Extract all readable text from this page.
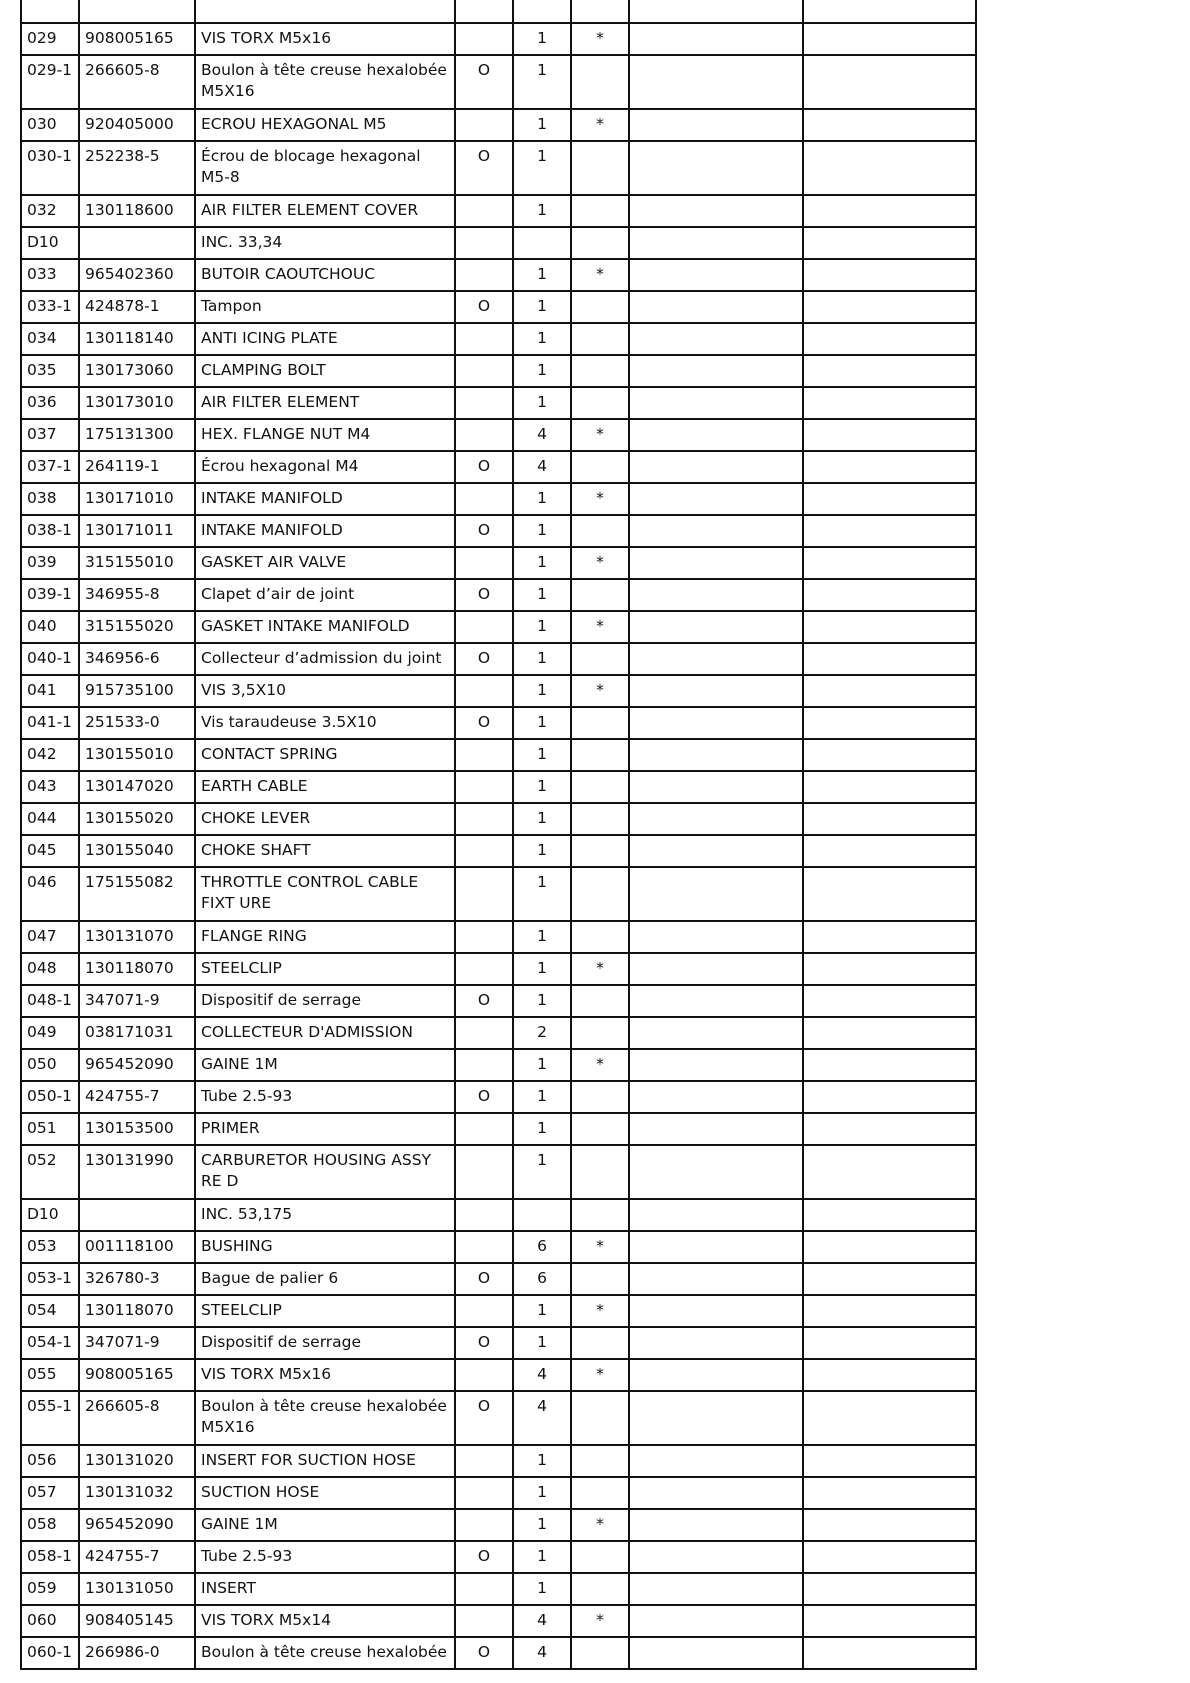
029	908005165	VIS TORX M5x16		1	*		
029-1	266605-8	Boulon à tête creuse hexalobée M5X16	O	1			
030	920405000	ECROU HEXAGONAL M5		1	*		
030-1	252238-5	Écrou de blocage hexagonal M5-8	O	1			
032	130118600	AIR FILTER ELEMENT COVER		1			
D10		INC. 33,34					
033	965402360	BUTOIR CAOUTCHOUC		1	*		
033-1	424878-1	Tampon	O	1			
034	130118140	ANTI ICING PLATE		1			
035	130173060	CLAMPING BOLT		1			
036	130173010	AIR FILTER ELEMENT		1			
037	175131300	HEX. FLANGE NUT M4		4	*		
037-1	264119-1	Écrou hexagonal M4	O	4			
038	130171010	INTAKE MANIFOLD		1	*		
038-1	130171011	INTAKE MANIFOLD	O	1			
039	315155010	GASKET AIR VALVE		1	*		
039-1	346955-8	Clapet d’air de joint	O	1			
040	315155020	GASKET INTAKE MANIFOLD		1	*		
040-1	346956-6	Collecteur d’admission du joint	O	1			
041	915735100	VIS 3,5X10		1	*		
041-1	251533-0	Vis taraudeuse 3.5X10	O	1			
042	130155010	CONTACT SPRING		1			
043	130147020	EARTH CABLE		1			
044	130155020	CHOKE LEVER		1			
045	130155040	CHOKE SHAFT		1			
046	175155082	THROTTLE CONTROL CABLE FIXT URE		1			
047	130131070	FLANGE RING		1			
048	130118070	STEELCLIP		1	*		
048-1	347071-9	Dispositif de serrage	O	1			
049	038171031	COLLECTEUR D'ADMISSION		2			
050	965452090	GAINE 1M		1	*		
050-1	424755-7	Tube 2.5-93	O	1			
051	130153500	PRIMER		1			
052	130131990	CARBURETOR HOUSING ASSY RE D		1			
D10		INC. 53,175					
053	001118100	BUSHING		6	*		
053-1	326780-3	Bague de palier 6	O	6			
054	130118070	STEELCLIP		1	*		
054-1	347071-9	Dispositif de serrage	O	1			
055	908005165	VIS TORX M5x16		4	*		
055-1	266605-8	Boulon à tête creuse hexalobée M5X16	O	4			
056	130131020	INSERT FOR SUCTION HOSE		1			
057	130131032	SUCTION HOSE		1			
058	965452090	GAINE 1M		1	*		
058-1	424755-7	Tube 2.5-93	O	1			
059	130131050	INSERT		1			
060	908405145	VIS TORX M5x14		4	*		
060-1	266986-0	Boulon à tête creuse hexalobée	O	4			
